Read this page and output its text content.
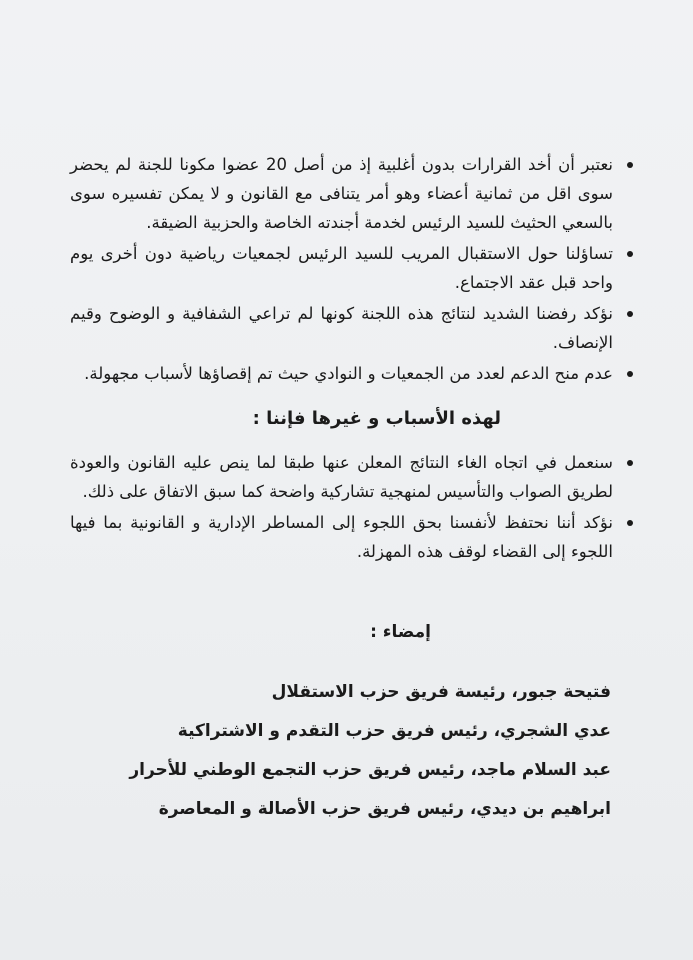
نعتبر أن أخد القرارات بدون أغلبية إذ من أصل 20 عضوا مكونا للجنة لم يحضر سوى اقل من ثمانية أعضاء وهو أمر يتنافى مع القانون و لا يمكن تفسيره سوى بالسعي الحثيث للسيد الرئيس لخدمة أجندته الخاصة والحزبية الضيقة.
تساؤلنا حول الاستقبال المريب للسيد الرئيس لجمعيات رياضية دون أخرى يوم واحد قبل عقد الاجتماع.
نؤكد رفضنا الشديد لنتائج هذه اللجنة كونها لم تراعي الشفافية و الوضوح وقيم الإنصاف.
عدم منح الدعم لعدد من الجمعيات و النوادي حيث تم إقصاؤها لأسباب مجهولة.
لهذه الأسباب و غيرها فإننا :
سنعمل في اتجاه الغاء النتائج المعلن عنها طبقا لما ينص عليه القانون والعودة لطريق الصواب والتأسيس لمنهجية تشاركية واضحة كما سبق الاتفاق على ذلك.
نؤكد أننا نحتفظ لأنفسنا بحق اللجوء إلى المساطر الإدارية و القانونية بما فيها اللجوء إلى القضاء لوقف هذه المهزلة.
إمضاء :
فتيحة جبور، رئيسة فريق حزب الاستقلال
عدي الشجري، رئيس فريق حزب التقدم و الاشتراكية
عبد السلام ماجد، رئيس فريق حزب التجمع الوطني للأحرار
ابراهيم بن ديدي، رئيس فريق حزب الأصالة و المعاصرة
